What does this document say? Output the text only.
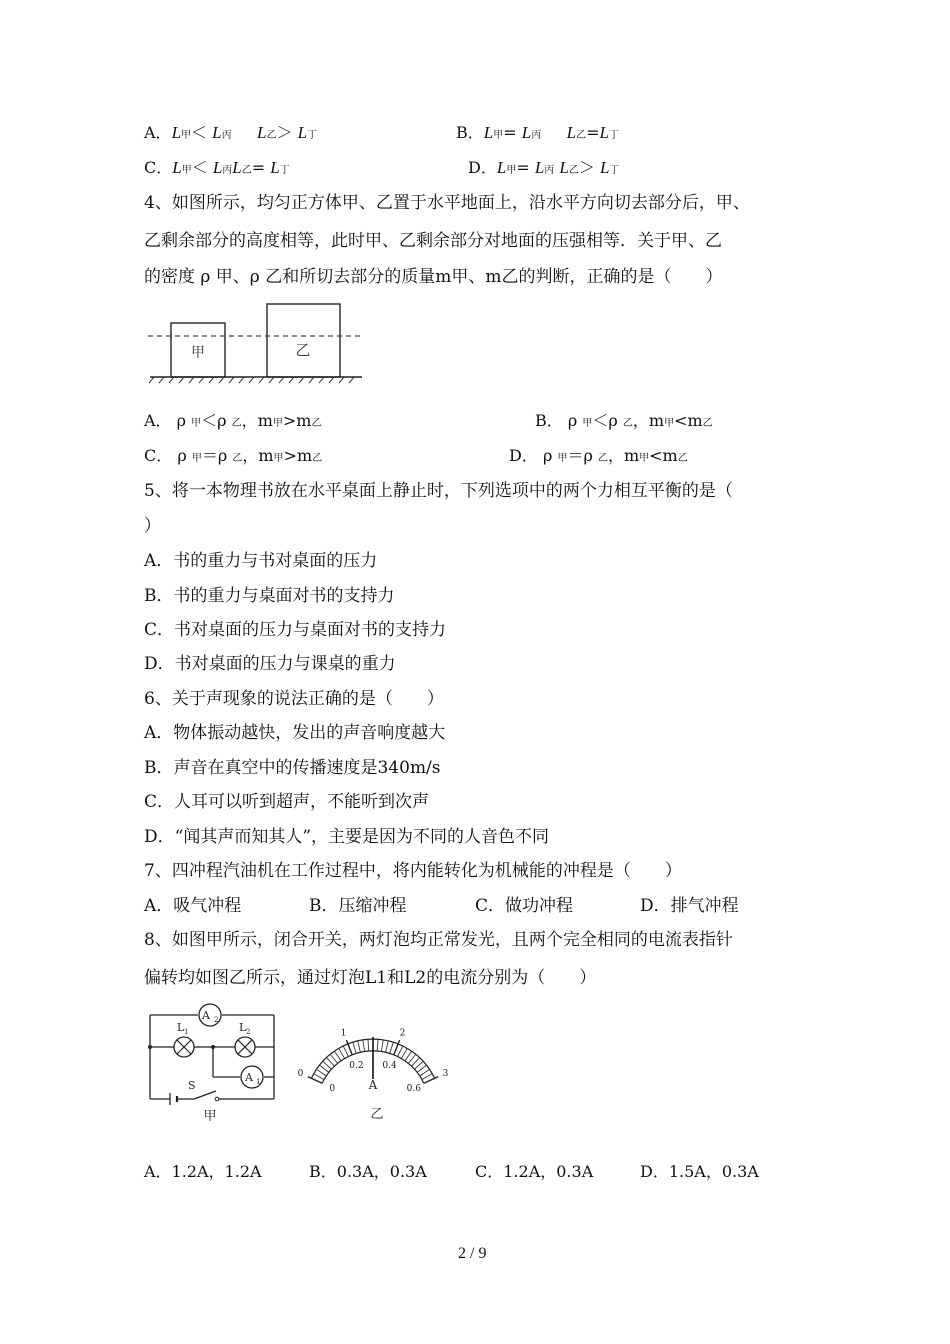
A．L甲＜ L丙 L乙＞ L丁	B．L甲= L丙 L乙=L丁
C．L甲＜ L丙L乙= L丁	D．L甲= L丙 L乙＞ L丁
4、如图所示，均匀正方体甲、乙置于水平地面上，沿水平方向切去部分后，甲、
乙剩余部分的高度相等，此时甲、乙剩余部分对地面的压强相等．关于甲、乙
的密度 ρ 甲、ρ 乙和所切去部分的质量m甲、m乙的判断，正确的是（　　）
甲	乙
A． ρ 甲＜ρ 乙，m甲>m乙	B． ρ 甲＜ρ 乙，m甲<m乙
C． ρ 甲＝ρ 乙，m甲>m乙	D． ρ 甲＝ρ 乙，m甲<m乙
5、将一本物理书放在水平桌面上静止时，下列选项中的两个力相互平衡的是（
）
A．书的重力与书对桌面的压力
B．书的重力与桌面对书的支持力
C．书对桌面的压力与桌面对书的支持力
D．书对桌面的压力与课桌的重力
6、关于声现象的说法正确的是（　　）
A．物体振动越快，发出的声音响度越大
B．声音在真空中的传播速度是340m/s
C．人耳可以听到超声，不能听到次声
D．“闻其声而知其人”，主要是因为不同的人音色不同
7、四冲程汽油机在工作过程中，将内能转化为机械能的冲程是（　　）
A．吸气冲程	B．压缩冲程	C．做功冲程	D．排气冲程
8、如图甲所示，闭合开关，两灯泡均正常发光，且两个完全相同的电流表指针
偏转均如图乙所示，通过灯泡L1和L2的电流分别为（　　）
A 2
L 1	L 2
A 1
S
甲
0
1	2
3
0
0.2 0.4
0.6
A
乙
A．1.2A，1.2A	B．0.3A，0.3A	C．1.2A，0.3A	D．1.5A，0.3A
2 / 9
